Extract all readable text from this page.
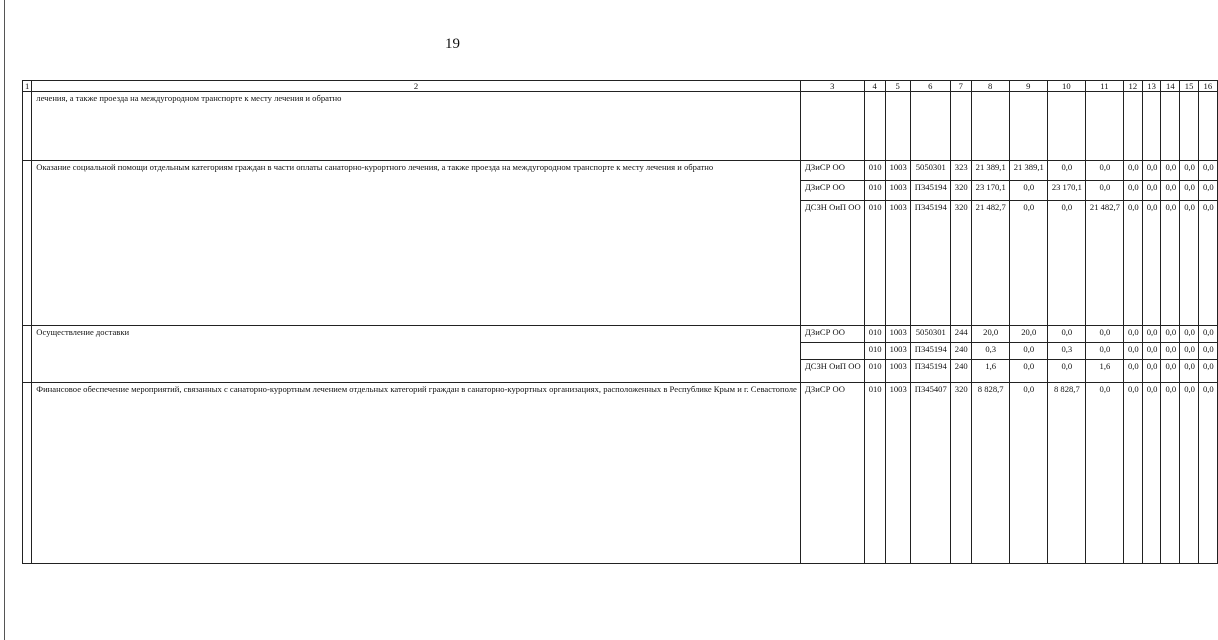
19
1	2	3	4	5	6	7	8	9	10	11	12	13	14	15	16
	лечения, а также проезда на междугородном транспорте к месту лечения и обратно														
	Оказание социальной помощи отдельным категориям граждан в части оплаты санаторно-курортного лечения, а также проезда на междугородном транспорте к месту лечения и обратно	ДЗиСР ОО	010	1003	5050301	323	21 389,1	21 389,1	0,0	0,0	0,0	0,0	0,0	0,0	0,0
		ДЗиСР ОО	010	1003	П345194	320	23 170,1	0,0	23 170,1	0,0	0,0	0,0	0,0	0,0	0,0
		ДСЗН ОиП ОО	010	1003	П345194	320	21 482,7	0,0	0,0	21 482,7	0,0	0,0	0,0	0,0	0,0
	Осуществление доставки	ДЗиСР ОО	010	1003	5050301	244	20,0	20,0	0,0	0,0	0,0	0,0	0,0	0,0	0,0
			010	1003	П345194	240	0,3	0,0	0,3	0,0	0,0	0,0	0,0	0,0	0,0
		ДСЗН ОиП ОО	010	1003	П345194	240	1,6	0,0	0,0	1,6	0,0	0,0	0,0	0,0	0,0
	Финансовое обеспечение мероприятий, связанных с санаторно-курортным лечением отдельных категорий граждан в санаторно-курортных организациях, расположенных в Республике Крым и г. Севастополе	ДЗиСР ОО	010	1003	П345407	320	8 828,7	0,0	8 828,7	0,0	0,0	0,0	0,0	0,0	0,0
